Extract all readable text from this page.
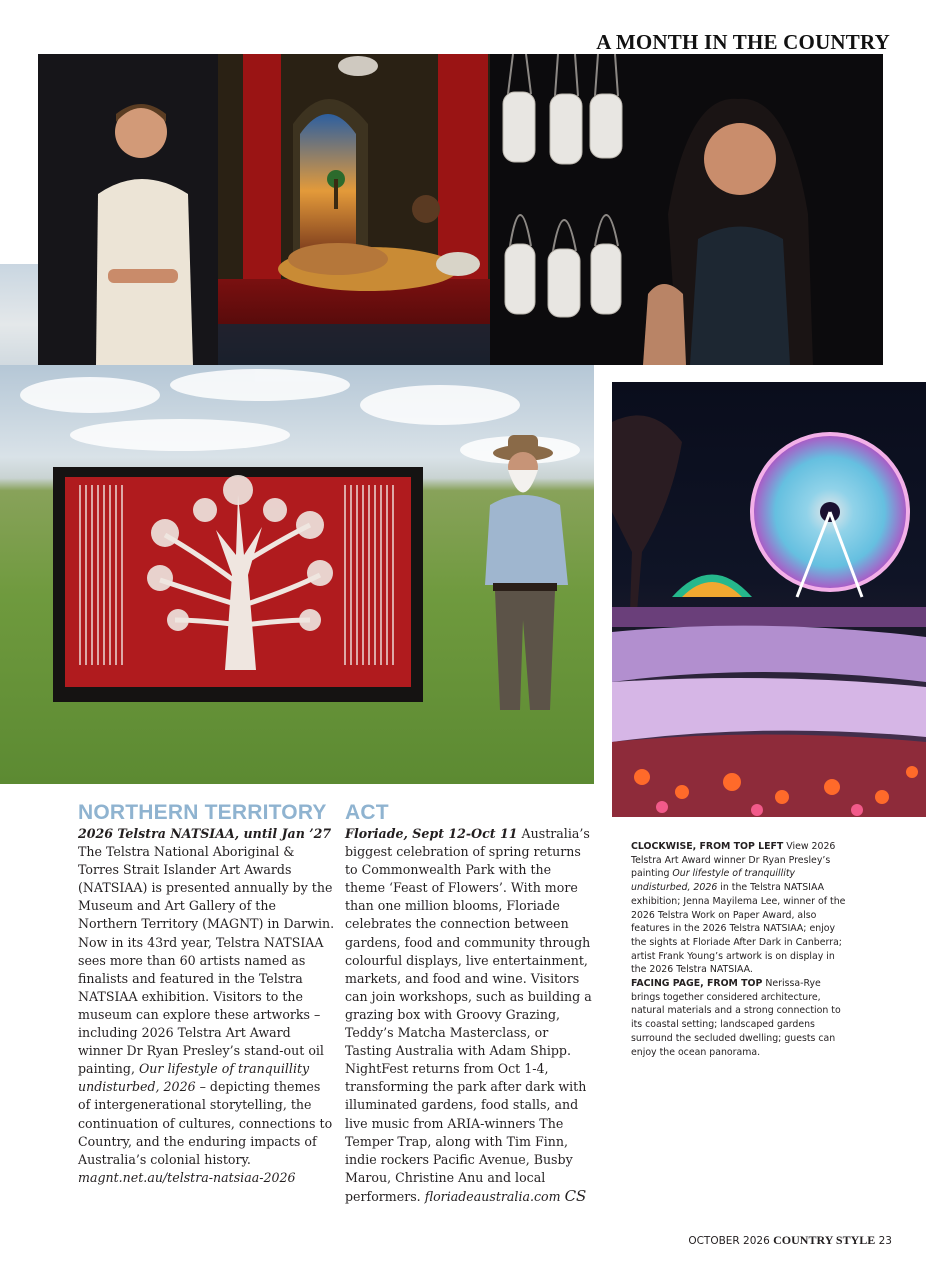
A MONTH IN THE COUNTRY
NORTHERN TERRITORY

2026 Telstra NATSIAA, until Jan ’27
The Telstra National Aboriginal & Torres Strait Islander Art Awards (NATSIAA) is presented annually by the Museum and Art Gallery of the Northern Territory (MAGNT) in Darwin. Now in its 43rd year, Telstra NATSIAA sees more than 60 artists named as finalists and featured in the Telstra NATSIAA exhibition. Visitors to the museum can explore these artworks – including 2026 Telstra Art Award winner Dr Ryan Presley’s stand-out oil painting, Our lifestyle of tranquillity undisturbed, 2026 – depicting themes of intergenerational storytelling, the continuation of cultures, connections to Country, and the enduring impacts of Australia’s colonial history. magnt.net.au/telstra-natsiaa-2026

ACT

Floriade, Sept 12-Oct 11 Australia’s biggest celebration of spring returns to Commonwealth Park with the theme ‘Feast of Flowers’. With more than one million blooms, Floriade celebrates the connection between gardens, food and community through colourful displays, live entertainment, markets, and food and wine. Visitors can join workshops, such as building a grazing box with Groovy Grazing, Teddy’s Matcha Masterclass, or Tasting Australia with Adam Shipp. NightFest returns from Oct 1-4, transforming the park after dark with illuminated gardens, food stalls, and live music from ARIA-winners The Temper Trap, along with Tim Finn, indie rockers Pacific Avenue, Busby Marou, Christine Anu and local performers. floriadeaustralia.com CS

CLOCKWISE, FROM TOP LEFT View 2026 Telstra Art Award winner Dr Ryan Presley’s painting Our lifestyle of tranquillity undisturbed, 2026 in the Telstra NATSIAA exhibition; Jenna Mayilema Lee, winner of the 2026 Telstra Work on Paper Award, also features in the 2026 Telstra NATSIAA; enjoy the sights at Floriade After Dark in Canberra; artist Frank Young’s artwork is on display in the 2026 Telstra NATSIAA.
FACING PAGE, FROM TOP Nerissa-Rye brings together considered architecture, natural materials and a strong connection to its coastal setting; landscaped gardens surround the secluded dwelling; guests can enjoy the ocean panorama.
OCTOBER 2026 COUNTRY STYLE 23
